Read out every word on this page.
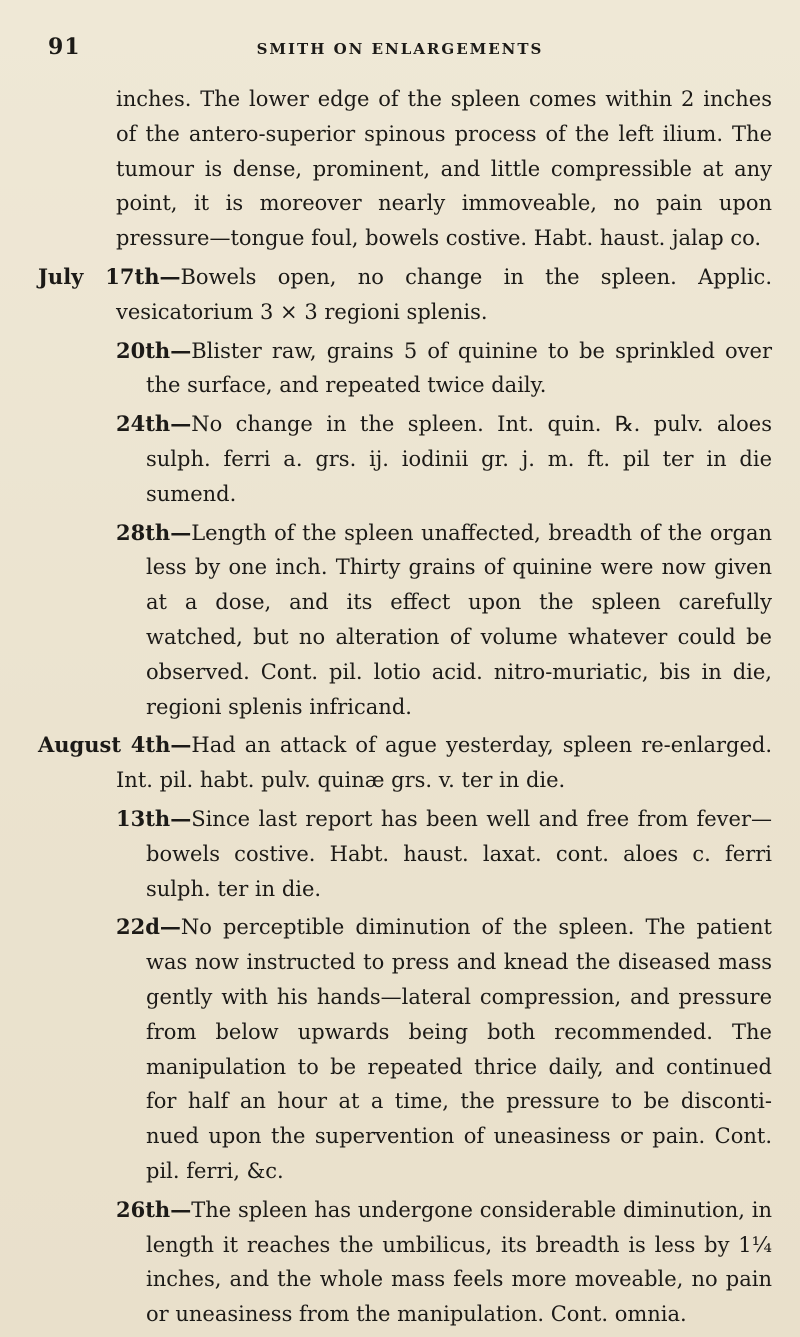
91	SMITH ON ENLARGEMENTS

inches. The lower edge of the spleen comes within 2 inches of the antero-superior spinous process of the left ilium. The tumour is dense, prominent, and little compressible at any point, it is moreover nearly immoveable, no pain upon pressure—tongue foul, bowels costive. Habt. haust. jalap co.

July 17th—Bowels open, no change in the spleen. Applic. vesicatorium 3 × 3 regioni splenis.

20th—Blister raw, grains 5 of quinine to be sprinkled over the surface, and repeated twice daily.

24th—No change in the spleen. Int. quin. ℞. pulv. aloes sulph. ferri a. grs. ij. iodinii gr. j. m. ft. pil ter in die sumend.

28th—Length of the spleen unaffected, breadth of the organ less by one inch. Thirty grains of quinine were now given at a dose, and its effect upon the spleen carefully watched, but no alteration of volume whatever could be observed. Cont. pil. lotio acid. nitro-muriatic, bis in die, regioni splenis infricand.

August 4th—Had an attack of ague yesterday, spleen re-enlarged. Int. pil. habt. pulv. quinæ grs. v. ter in die.

13th—Since last report has been well and free from fever—bowels costive. Habt. haust. laxat. cont. aloes c. ferri sulph. ter in die.

22d—No perceptible diminution of the spleen. The patient was now instructed to press and knead the diseased mass gently with his hands—lateral compression, and pressure from below upwards being both recommended. The manipulation to be repeated thrice daily, and continued for half an hour at a time, the pressure to be disconti-nued upon the supervention of uneasiness or pain. Cont. pil. ferri, &c.

26th—The spleen has undergone considerable diminution, in length it reaches the umbilicus, its breadth is less by 1¼ inches, and the whole mass feels more moveable, no pain or uneasiness from the manipulation. Cont. omnia.
